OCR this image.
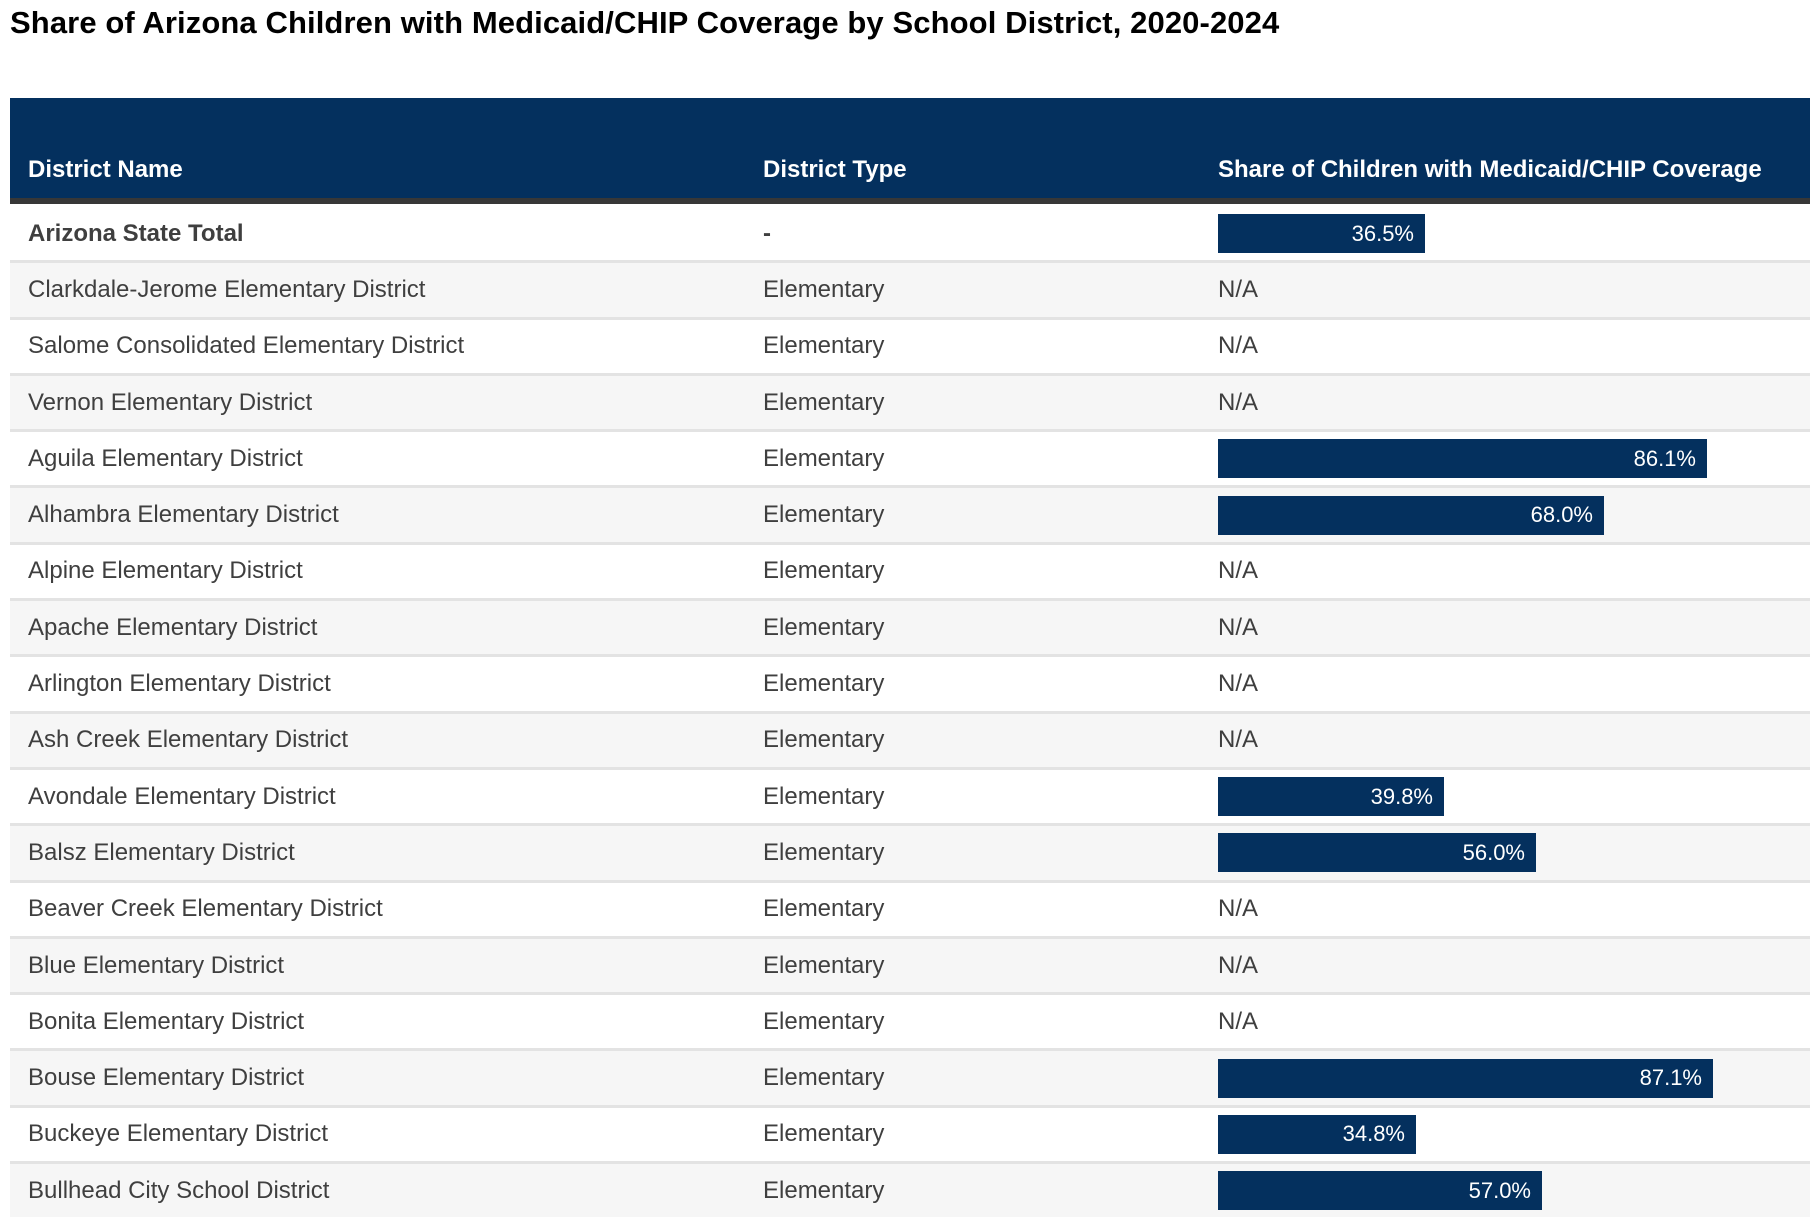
Share of Arizona Children with Medicaid/CHIP Coverage by School District, 2020-2024
District Name	District Type	Share of Children with Medicaid/CHIP Coverage
Arizona State Total	-	36.5%
Clarkdale-Jerome Elementary District	Elementary	N/A
Salome Consolidated Elementary District	Elementary	N/A
Vernon Elementary District	Elementary	N/A
Aguila Elementary District	Elementary	86.1%
Alhambra Elementary District	Elementary	68.0%
Alpine Elementary District	Elementary	N/A
Apache Elementary District	Elementary	N/A
Arlington Elementary District	Elementary	N/A
Ash Creek Elementary District	Elementary	N/A
Avondale Elementary District	Elementary	39.8%
Balsz Elementary District	Elementary	56.0%
Beaver Creek Elementary District	Elementary	N/A
Blue Elementary District	Elementary	N/A
Bonita Elementary District	Elementary	N/A
Bouse Elementary District	Elementary	87.1%
Buckeye Elementary District	Elementary	34.8%
Bullhead City School District	Elementary	57.0%
